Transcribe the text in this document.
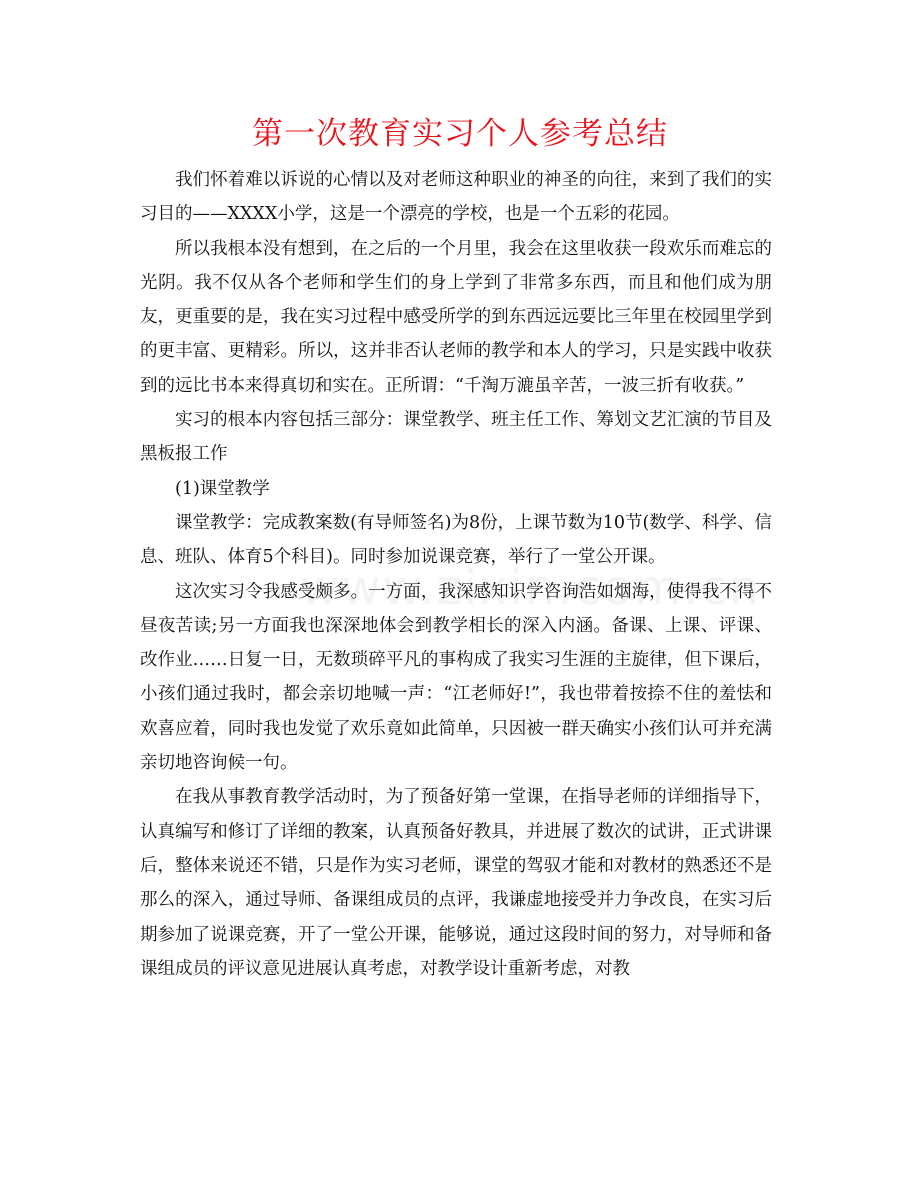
第一次教育实习个人参考总结

我们怀着难以诉说的心情以及对老师这种职业的神圣的向往，来到了我们的实习目的——XXXX小学，这是一个漂亮的学校，也是一个五彩的花园。

所以我根本没有想到，在之后的一个月里，我会在这里收获一段欢乐而难忘的光阴。我不仅从各个老师和学生们的身上学到了非常多东西，而且和他们成为朋友，更重要的是，我在实习过程中感受所学的到东西远远要比三年里在校园里学到的更丰富、更精彩。所以，这并非否认老师的教学和本人的学习，只是实践中收获到的远比书本来得真切和实在。正所谓：“千淘万漉虽辛苦，一波三折有收获。”

实习的根本内容包括三部分：课堂教学、班主任工作、筹划文艺汇演的节目及黑板报工作

(1)课堂教学

课堂教学：完成教案数(有导师签名)为8份，上课节数为10节(数学、科学、信息、班队、体育5个科目)。同时参加说课竞赛，举行了一堂公开课。

这次实习令我感受颇多。一方面，我深感知识学咨询浩如烟海，使得我不得不昼夜苦读;另一方面我也深深地体会到教学相长的深入内涵。备课、上课、评课、改作业……日复一日，无数琐碎平凡的事构成了我实习生涯的主旋律，但下课后，小孩们通过我时，都会亲切地喊一声：“江老师好!”，我也带着按捺不住的羞怯和欢喜应着，同时我也发觉了欢乐竟如此简单，只因被一群天确实小孩们认可并充满亲切地咨询候一句。

在我从事教育教学活动时，为了预备好第一堂课，在指导老师的详细指导下，认真编写和修订了详细的教案，认真预备好教具，并进展了数次的试讲，正式讲课后，整体来说还不错，只是作为实习老师，课堂的驾驭才能和对教材的熟悉还不是那么的深入，通过导师、备课组成员的点评，我谦虚地接受并力争改良，在实习后期参加了说课竞赛，开了一堂公开课，能够说，通过这段时间的努力，对导师和备课组成员的评议意见进展认真考虑，对教学设计重新考虑，对教
